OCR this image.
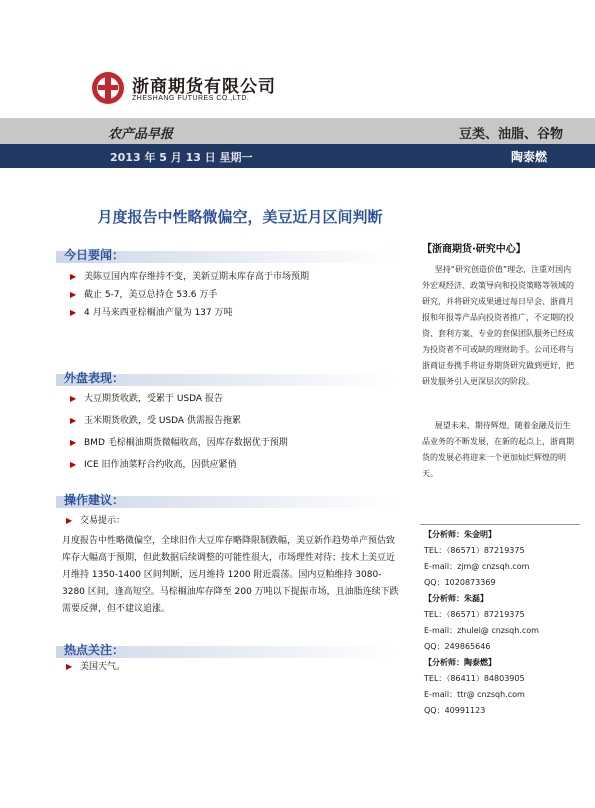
浙商期货有限公司
ZHESHANG FUTURES CO.,LTD.
农产品早报	豆类、油脂、谷物
2013 年 5 月 13 日 星期一	陶泰燃
月度报告中性略微偏空，美豆近月区间判断
今日要闻：
▶ 美陈豆国内库存维持不变，美新豆期末库存高于市场预期
▶ 截止 5-7，美豆总持仓 53.6 万手
▶ 4 月马来西亚棕榈油产量为 137 万吨
外盘表现：
▶ 大豆期货收跌，受累于 USDA 报告
▶ 玉米期货收跌，受 USDA 供需报告拖累
▶ BMD 毛棕榈油期货微幅收高，因库存数据优于预期
▶ ICE 旧作油菜籽合约收高，因供应紧俏
操作建议：
▶ 交易提示：
月度报告中性略微偏空，全球旧作大豆库存略降限制跌幅，美豆新作趋势单产预估致库存大幅高于预期，但此数据后续调整的可能性很大，市场理性对待；技术上美豆近月维持 1350-1400 区间判断，远月维持 1200 附近震荡。国内豆粕维持 3080-3280 区间，逢高短空。马棕榈油库存降至 200 万吨以下提振市场，且油脂连续下跌需要反弹，但不建议追涨。
热点关注：
▶ 美国天气。
【浙商期货·研究中心】
坚持“研究创造价值”理念，注重对国内外宏观经济、政策导向和投资策略等领域的研究，并将研究成果通过每日早会、浙商月报和年报等产品向投资者推广，不定期的投资、套利方案、专业的套保团队服务已经成为投资者不可或缺的理财助手。公司还将与浙商证券携手将证券期货研究做到更好，把研发服务引入更深层次的阶段。
展望未来、期待辉煌，随着金融及衍生品业务的不断发展，在新的起点上，浙商期货的发展必将迎来一个更加灿烂辉煌的明天。
【分析师：朱金明】
TEL：（86571）87219375
E-mail：zjm@ cnzsqh.com
QQ：1020873369
【分析师：朱磊】
TEL：（86571）87219375
E-mail：zhulei@ cnzsqh.com
QQ：249865646
【分析师：陶泰燃】
TEL：（86411）84803905
E-mail：ttr@ cnzsqh.com
QQ：40991123
